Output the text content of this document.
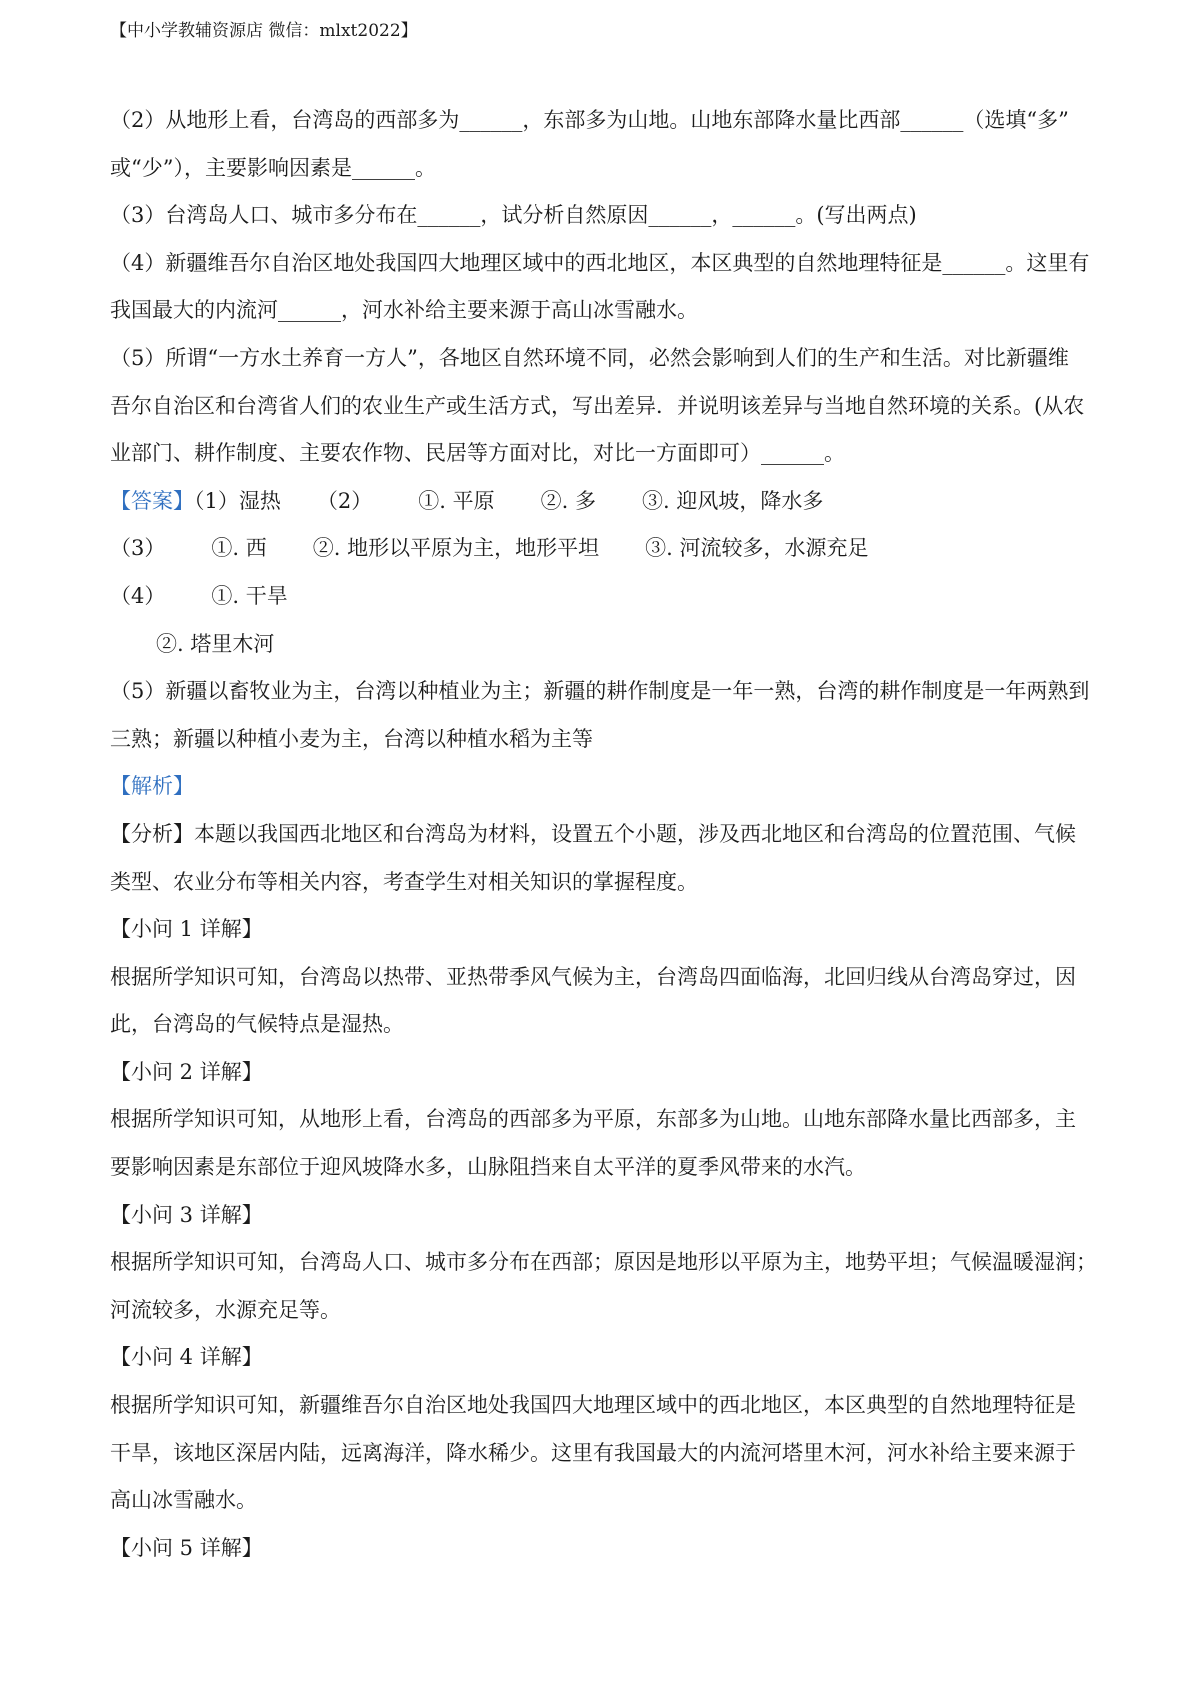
【中小学教辅资源店 微信：mlxt2022】
（2）从地形上看，台湾岛的西部多为______，东部多为山地。山地东部降水量比西部______（选填“多”
或“少”），主要影响因素是______。
（3）台湾岛人口、城市多分布在______，试分析自然原因______，______。(写出两点)
（4）新疆维吾尔自治区地处我国四大地理区域中的西北地区，本区典型的自然地理特征是______。这里有
我国最大的内流河______，河水补给主要来源于高山冰雪融水。
（5）所谓“一方水土养育一方人”，各地区自然环境不同，必然会影响到人们的生产和生活。对比新疆维
吾尔自治区和台湾省人们的农业生产或生活方式，写出差异．并说明该差异与当地自然环境的关系。(从农
业部门、耕作制度、主要农作物、民居等方面对比，对比一方面即可）______。
【答案】（1）湿热 （2） ①. 平原 ②. 多 ③. 迎风坡，降水多
（3） ①. 西 ②. 地形以平原为主，地形平坦 ③. 河流较多，水源充足
（4） ①. 干旱
②. 塔里木河
（5）新疆以畜牧业为主，台湾以种植业为主；新疆的耕作制度是一年一熟，台湾的耕作制度是一年两熟到
三熟；新疆以种植小麦为主，台湾以种植水稻为主等
【解析】
【分析】本题以我国西北地区和台湾岛为材料，设置五个小题，涉及西北地区和台湾岛的位置范围、气候
类型、农业分布等相关内容，考查学生对相关知识的掌握程度。
【小问 1 详解】
根据所学知识可知，台湾岛以热带、亚热带季风气候为主，台湾岛四面临海，北回归线从台湾岛穿过，因
此，台湾岛的气候特点是湿热。
【小问 2 详解】
根据所学知识可知，从地形上看，台湾岛的西部多为平原，东部多为山地。山地东部降水量比西部多，主
要影响因素是东部位于迎风坡降水多，山脉阻挡来自太平洋的夏季风带来的水汽。
【小问 3 详解】
根据所学知识可知，台湾岛人口、城市多分布在西部；原因是地形以平原为主，地势平坦；气候温暖湿润；
河流较多，水源充足等。
【小问 4 详解】
根据所学知识可知，新疆维吾尔自治区地处我国四大地理区域中的西北地区，本区典型的自然地理特征是
干旱，该地区深居内陆，远离海洋，降水稀少。这里有我国最大的内流河塔里木河，河水补给主要来源于
高山冰雪融水。
【小问 5 详解】
